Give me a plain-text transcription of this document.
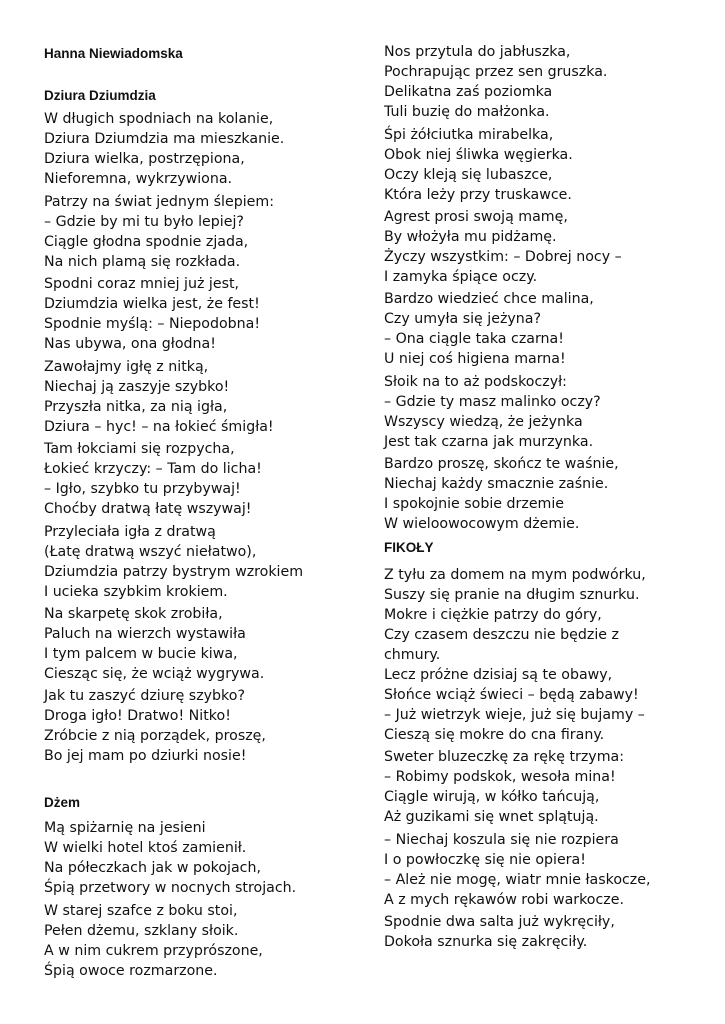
Hanna Niewiadomska
Dziura Dziumdzia
W długich spodniach na kolanie,
Dziura Dziumdzia ma mieszkanie.
Dziura wielka, postrzępiona,
Nieforemna, wykrzywiona.
Patrzy na świat jednym ślepiem:
– Gdzie by mi tu było lepiej?
Ciągle głodna spodnie zjada,
Na nich plamą się rozkłada.
Spodni coraz mniej już jest,
Dziumdzia wielka jest, że fest!
Spodnie myślą: – Niepodobna!
Nas ubywa, ona głodna!
Zawołajmy igłę z nitką,
Niechaj ją zaszyje szybko!
Przyszła nitka, za nią igła,
Dziura – hyc! – na łokieć śmigła!
Tam łokciami się rozpycha,
Łokieć krzyczy: – Tam do licha!
– Igło, szybko tu przybywaj!
Choćby dratwą łatę wszywaj!
Przyleciała igła z dratwą
(Łatę dratwą wszyć niełatwo),
Dziumdzia patrzy bystrym wzrokiem
I ucieka szybkim krokiem.
Na skarpetę skok zrobiła,
Paluch na wierzch wystawiła
I tym palcem w bucie kiwa,
Ciesząc się, że wciąż wygrywa.
Jak tu zaszyć dziurę szybko?
Droga igło! Dratwo! Nitko!
Zróbcie z nią porządek, proszę,
Bo jej mam po dziurki nosie!
Dżem
Mą spiżarnię na jesieni
W wielki hotel ktoś zamienił.
Na półeczkach jak w pokojach,
Śpią przetwory w nocnych strojach.
W starej szafce z boku stoi,
Pełen dżemu, szklany słoik.
A w nim cukrem przyprószone,
Śpią owoce rozmarzone.
Nos przytula do jabłuszka,
Pochrapując przez sen gruszka.
Delikatna zaś poziomka
Tuli buzię do małżonka.
Śpi żółciutka mirabelka,
Obok niej śliwka węgierka.
Oczy kleją się lubaszce,
Która leży przy truskawce.
Agrest prosi swoją mamę,
By włożyła mu pidżamę.
Życzy wszystkim: – Dobrej nocy –
I zamyka śpiące oczy.
Bardzo wiedzieć chce malina,
Czy umyła się jeżyna?
– Ona ciągle taka czarna!
U niej coś higiena marna!
Słoik na to aż podskoczył:
– Gdzie ty masz malinko oczy?
Wszyscy wiedzą, że jeżynka
Jest tak czarna jak murzynka.
Bardzo proszę, skończ te waśnie,
Niechaj każdy smacznie zaśnie.
I spokojnie sobie drzemie
W wieloowocowym dżemie.
FIKOŁY
Z tyłu za domem na mym podwórku,
Suszy się pranie na długim sznurku.
Mokre i ciężkie patrzy do góry,
Czy czasem deszczu nie będzie z
chmury.
Lecz próżne dzisiaj są te obawy,
Słońce wciąż świeci – będą zabawy!
– Już wietrzyk wieje, już się bujamy –
Cieszą się mokre do cna firany.
Sweter bluzeczkę za rękę trzyma:
– Robimy podskok, wesoła mina!
Ciągle wirują, w kółko tańcują,
Aż guzikami się wnet splątują.
– Niechaj koszula się nie rozpiera
I o powłoczkę się nie opiera!
– Ależ nie mogę, wiatr mnie łaskocze,
A z mych rękawów robi warkocze.
Spodnie dwa salta już wykręciły,
Dokoła sznurka się zakręciły.
